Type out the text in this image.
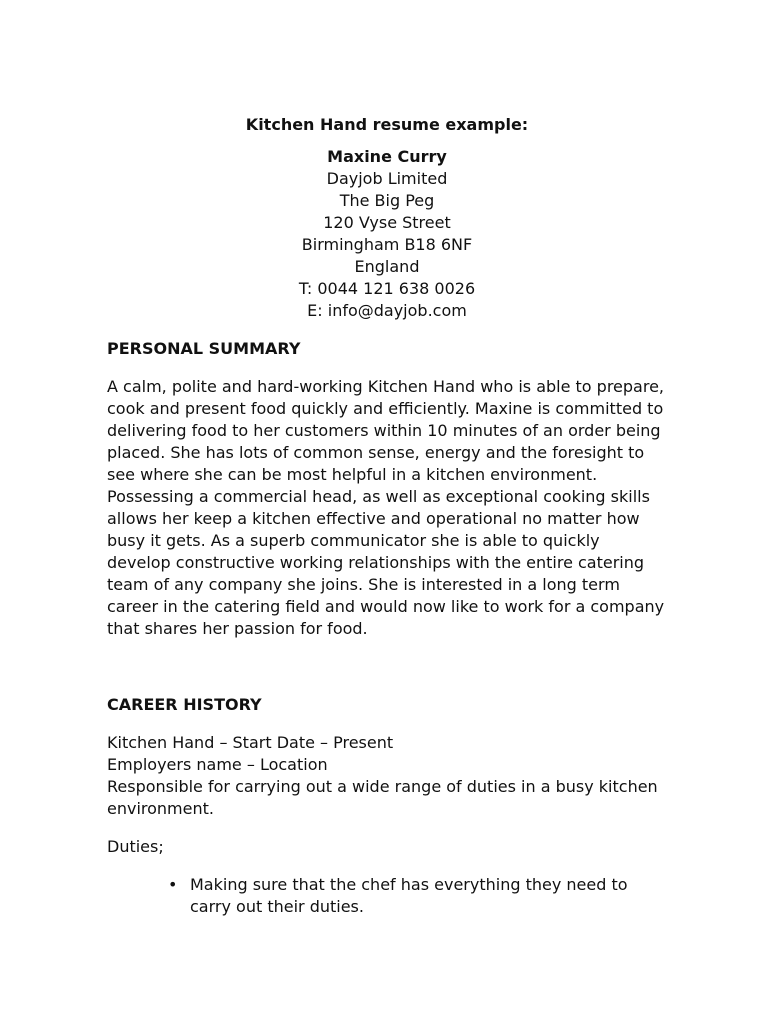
Kitchen Hand resume example:
Maxine Curry
Dayjob Limited
The Big Peg
120 Vyse Street
Birmingham B18 6NF
England
T: 0044 121 638 0026
E: info@dayjob.com
PERSONAL SUMMARY

A calm, polite and hard-working Kitchen Hand who is able to prepare, cook and present food quickly and efficiently. Maxine is committed to delivering food to her customers within 10 minutes of an order being placed. She has lots of common sense, energy and the foresight to see where she can be most helpful in a kitchen environment. Possessing a commercial head, as well as exceptional cooking skills allows her keep a kitchen effective and operational no matter how busy it gets. As a superb communicator she is able to quickly develop constructive working relationships with the entire catering team of any company she joins. She is interested in a long term career in the catering field and would now like to work for a company that shares her passion for food.

CAREER HISTORY
Kitchen Hand – Start Date – Present
Employers name – Location
Responsible for carrying out a wide range of duties in a busy kitchen environment.
Duties;
• Making sure that the chef has everything they need to carry out their duties.
